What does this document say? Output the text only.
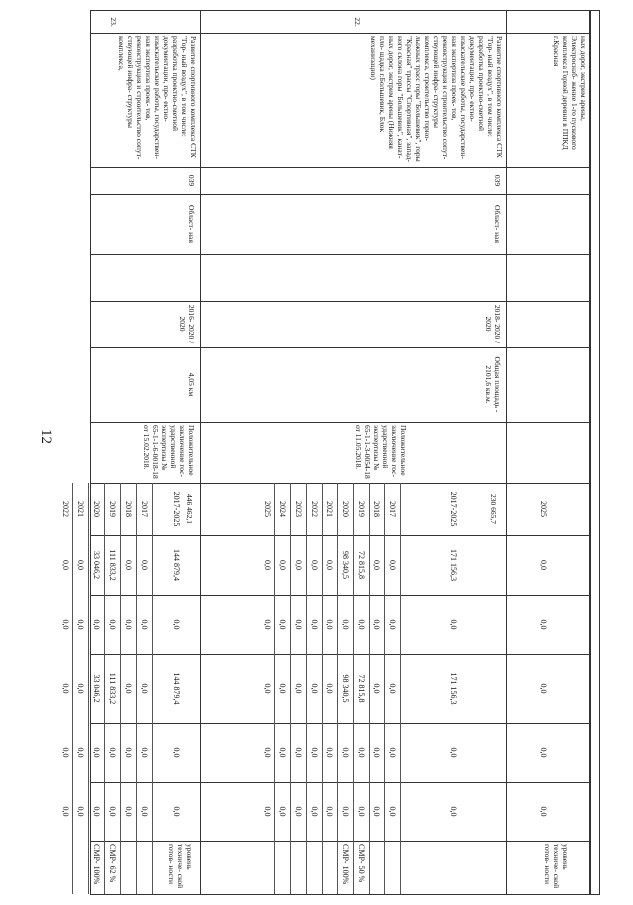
12
ных дорог, экстрим арены, Электроснаб- жение 1-го пускового комплекса Горной деревни в ППКД г.Красная
2025
0,0
0,0
0,0
0,0
0,0
уровень техниче- ской готов- ности
22.
Развитие спортивного комплекса СТК "Гор- ный воздух", в том числе: разработка проектно-сметной документации, про- ектно-изыскательские работы, государствен- ная экспертиза проек- тов, реконструкция и строительство сопут- ствующей инфра- структуры комплекса, строительство горно- лыжных трасс горы "Большевик", горы "Красная" трассы "Спортивная", запад- ного склона горы "Большевик", канат- ных дорог, экстрим арены (Нижняя пло- щадка г.Большевик, Блок механизации)
039
Област- ная
2018- 2020 / 2020
Общая площадь - 2101,6 кв.м.
Положительное заключение гос- ударственной экспертизы № 65-1-1-3-0054-18 от 11.05.2018.
230 665,7
23.
Развитие спортивного комплекса СТК "Гор- ный воздух", в том числе: разработка проектно-сметной документации, про- ектно-изыскательские работы, государствен- ная экспертиза проек- тов, реконструкция и строительство сопут- ствующей инфра- структуры комплекса,
039
Област- ная
2016- 2020 / 2020
4,05 км
Положительное заключение гос- ударственной экспертизы № 65-1-1-6-0018-18 от 15.02.2018.
446 462,1	2017-2025
171 156,3
0,0
171 156,3
0,0
0,0
2017
0,0
0,0
0,0
0,0
0,0
2018
0,0
0,0
0,0
0,0
0,0
2019
72 815,8
0,0
72 815,8
0,0
0,0
СМР- 50 %
2020
98 340,5
0,0
98 340,5
0,0
0,0
СМР- 100%
2021
0,0
0,0
0,0
0,0
0,0
2022
0,0
0,0
0,0
0,0
0,0
2023
0,0
0,0
0,0
0,0
0,0
2024
0,0
0,0
0,0
0,0
0,0
2025
0,0
0,0
0,0
0,0
0,0
2017-2025
144 879,4
0,0
144 879,4
0,0
0,0
уровень техниче- ской готов- ности
2017
0,0
0,0
0,0
0,0
0,0
2018
0,0
0,0
0,0
0,0
0,0
2019
111 833,2
0,0
111 833,2
0,0
0,0
СМР- 62 %
2020
33 046,2
0,0
33 046,2
0,0
0,0
СМР- 100%
2021
0,0
0,0
0,0
0,0
0,0
2022
0,0
0,0
0,0
0,0
0,0
